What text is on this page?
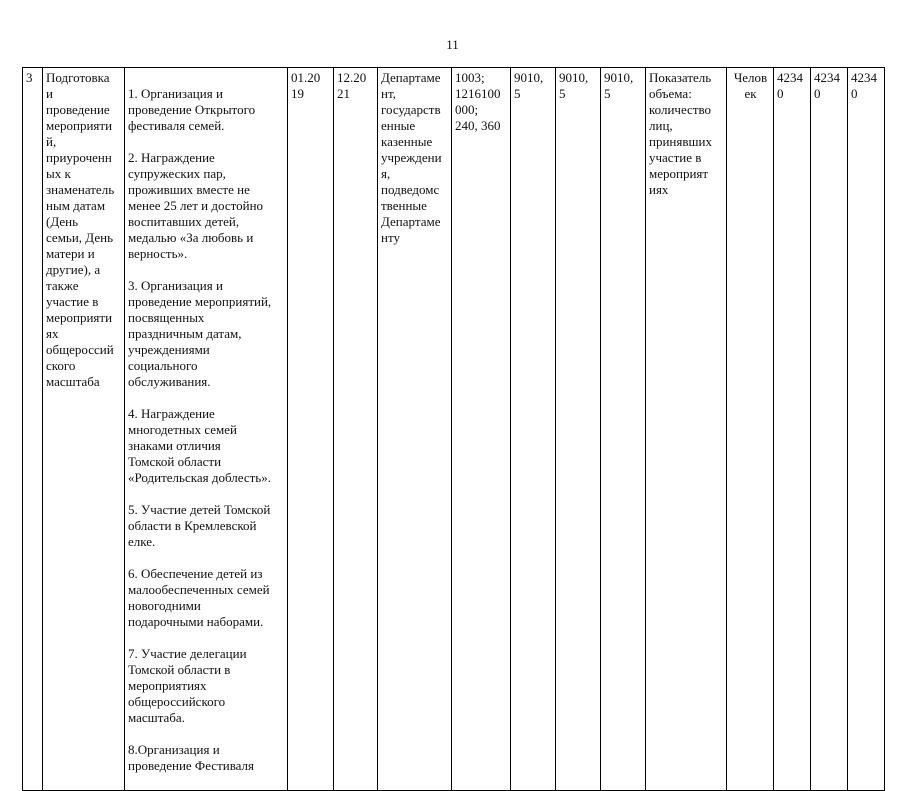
11
3	Подготовка
и
проведение
мероприяти
й,
приуроченн
ых к
знаменатель
ным датам
(День
семьи, День
матери и
другие), а
также
участие в
мероприяти
ях
общероссий
ского
масштаба	

1. Организация и
проведение Открытого
фестиваля семей.

2. Награждение
супружеских пар,
проживших вместе не
менее 25 лет и достойно
воспитавших детей,
медалью «За любовь и
верность».

3. Организация и
проведение мероприятий,
посвященных
праздничным датам,
учреждениями
социального
обслуживания.

4. Награждение
многодетных семей
знаками отличия
Томской области
«Родительская доблесть».

5. Участие детей Томской
области в Кремлевской
елке.

6. Обеспечение детей из
малообеспеченных семей
новогодними
подарочными наборами.

7. Участие делегации
Томской области в
мероприятиях
общероссийского
масштаба.

8.Организация и
проведение Фестиваля

	01.20
19	12.20
21	Департаме
нт,
государств
енные
казенные
учреждени
я,
подведомс
твенные
Департаме
нту	1003;
1216100
000;
240, 360	9010,
5	9010,
5	9010,
5	Показатель
объема:
количество
лиц,
принявших
участие в
мероприят
иях	Челов
ек	4234
0	4234
0	4234
0
